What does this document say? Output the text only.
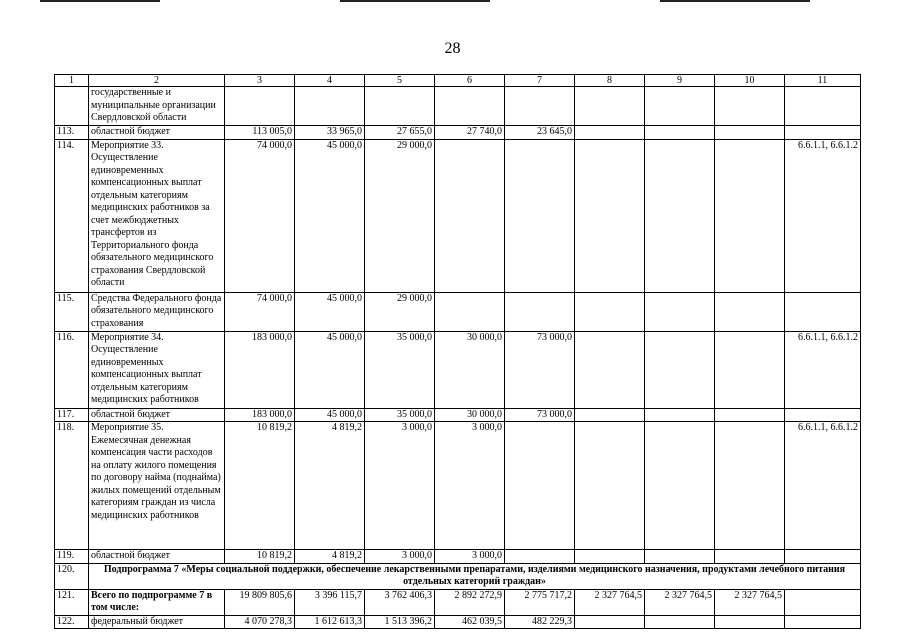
28
1	2	3	4	5	6	7	8	9	10	11
	государственные и муниципальные организации Свердловской области									
113.	областной бюджет	113 005,0	33 965,0	27 655,0	27 740,0	23 645,0				
114.	Мероприятие 33. Осуществление единовременных компенсационных выплат отдельным категориям медицинских работников за счет межбюджетных трансфертов из Территориального фонда обязательного медицинского страхования Свердловской области	74 000,0	45 000,0	29 000,0						6.6.1.1, 6.6.1.2
115.	Средства Федерального фонда обязательного медицинского страхования	74 000,0	45 000,0	29 000,0						
116.	Мероприятие 34. Осуществление единовременных компенсационных выплат отдельным категориям медицинских работников	183 000,0	45 000,0	35 000,0	30 000,0	73 000,0				6.6.1.1, 6.6.1.2
117.	областной бюджет	183 000,0	45 000,0	35 000,0	30 000,0	73 000,0				
118.	Мероприятие 35. Ежемесячная денежная компенсация части расходов на оплату жилого помещения по договору найма (поднайма) жилых помещений отдельным категориям граждан из числа медицинских работников	10 819,2	4 819,2	3 000,0	3 000,0					6.6.1.1, 6.6.1.2
119.	областной бюджет	10 819,2	4 819,2	3 000,0	3 000,0					
120.	Подпрограмма 7 «Меры социальной поддержки, обеспечение лекарственными препаратами, изделиями медицинского назначения, продуктами лечебного питания отдельных категорий граждан»									
121.	Всего по подпрограмме 7 в том числе:	19 809 805,6	3 396 115,7	3 762 406,3	2 892 272,9	2 775 717,2	2 327 764,5	2 327 764,5	2 327 764,5	
122.	федеральный бюджет	4 070 278,3	1 612 613,3	1 513 396,2	462 039,5	482 229,3				
